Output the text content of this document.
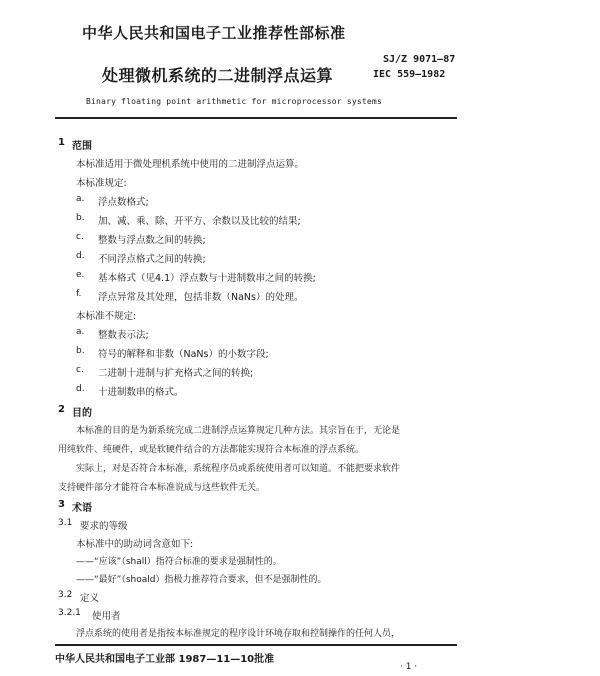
中华人民共和国电子工业推荐性部标准
处理微机系统的二进制浮点运算
SJ/Z 9071—87
IEC 559—1982
Binary floating point arithmetic for microprocessor systems
1 范围
本标准适用于微处理机系统中使用的二进制浮点运算。
本标准规定:
a. 浮点数格式;
b. 加、减、乘、除、开平方、余数以及比较的结果;
c. 整数与浮点数之间的转换;
d. 不同浮点格式之间的转换;
e. 基本格式（见4.1）浮点数与十进制数串之间的转换;
f. 浮点异常及其处理，包括非数（NaNs）的处理。
本标准不规定:
a. 整数表示法;
b. 符号的解释和非数（NaNs）的小数字段;
c. 二进制十进制与扩充格式之间的转换;
d. 十进制数串的格式。
2 目的
本标准的目的是为新系统完成二进制浮点运算规定几种方法。其宗旨在于，无论是
用纯软件、纯硬件，或是软硬件结合的方法都能实现符合本标准的浮点系统。
实际上，对是否符合本标准，系统程序员或系统使用者可以知道。不能把要求软件
支持硬件部分才能符合本标准说成与这些软件无关。
3 术语
3.1 要求的等级
本标准中的助动词含意如下:
——“应该”（shall）指符合标准的要求是强制性的。
——“最好”（shoald）指极力推荐符合要求，但不是强制性的。
3.2 定义
3.2.1 使用者
浮点系统的使用者是指按本标准规定的程序设计环境存取和控制操作的任何人员，
中华人民共和国电子工业部 1987—11—10批准
· 1 ·
